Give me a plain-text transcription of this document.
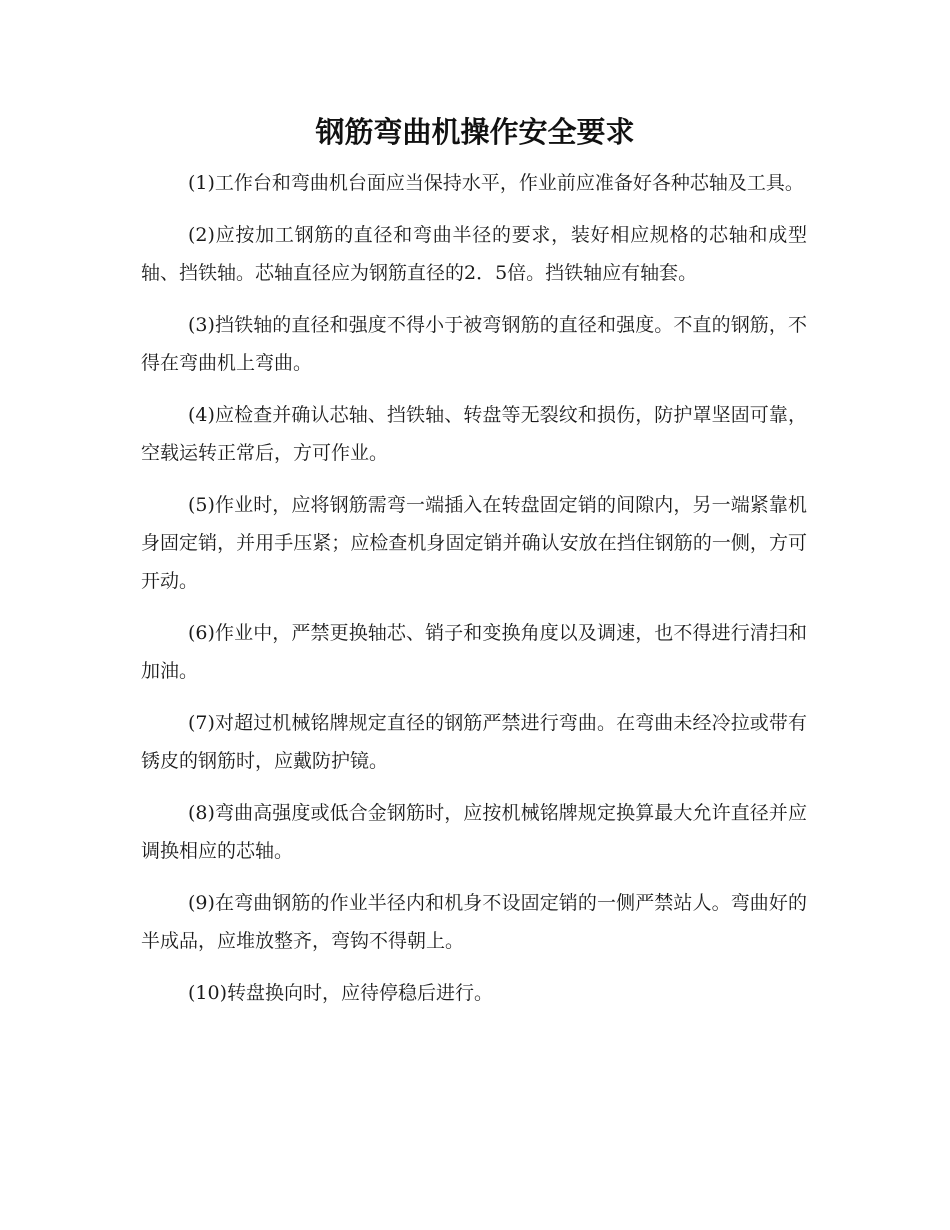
钢筋弯曲机操作安全要求

(1)工作台和弯曲机台面应当保持水平，作业前应准备好各种芯轴及工具。

(2)应按加工钢筋的直径和弯曲半径的要求，装好相应规格的芯轴和成型轴、挡铁轴。芯轴直径应为钢筋直径的2．5倍。挡铁轴应有轴套。

(3)挡铁轴的直径和强度不得小于被弯钢筋的直径和强度。不直的钢筋，不得在弯曲机上弯曲。

(4)应检查并确认芯轴、挡铁轴、转盘等无裂纹和损伤，防护罩坚固可靠，空载运转正常后，方可作业。

(5)作业时，应将钢筋需弯一端插入在转盘固定销的间隙内，另一端紧靠机身固定销，并用手压紧；应检查机身固定销并确认安放在挡住钢筋的一侧，方可开动。

(6)作业中，严禁更换轴芯、销子和变换角度以及调速，也不得进行清扫和加油。

(7)对超过机械铭牌规定直径的钢筋严禁进行弯曲。在弯曲未经冷拉或带有锈皮的钢筋时，应戴防护镜。

(8)弯曲高强度或低合金钢筋时，应按机械铭牌规定换算最大允许直径并应调换相应的芯轴。

(9)在弯曲钢筋的作业半径内和机身不设固定销的一侧严禁站人。弯曲好的半成品，应堆放整齐，弯钩不得朝上。

(10)转盘换向时，应待停稳后进行。
